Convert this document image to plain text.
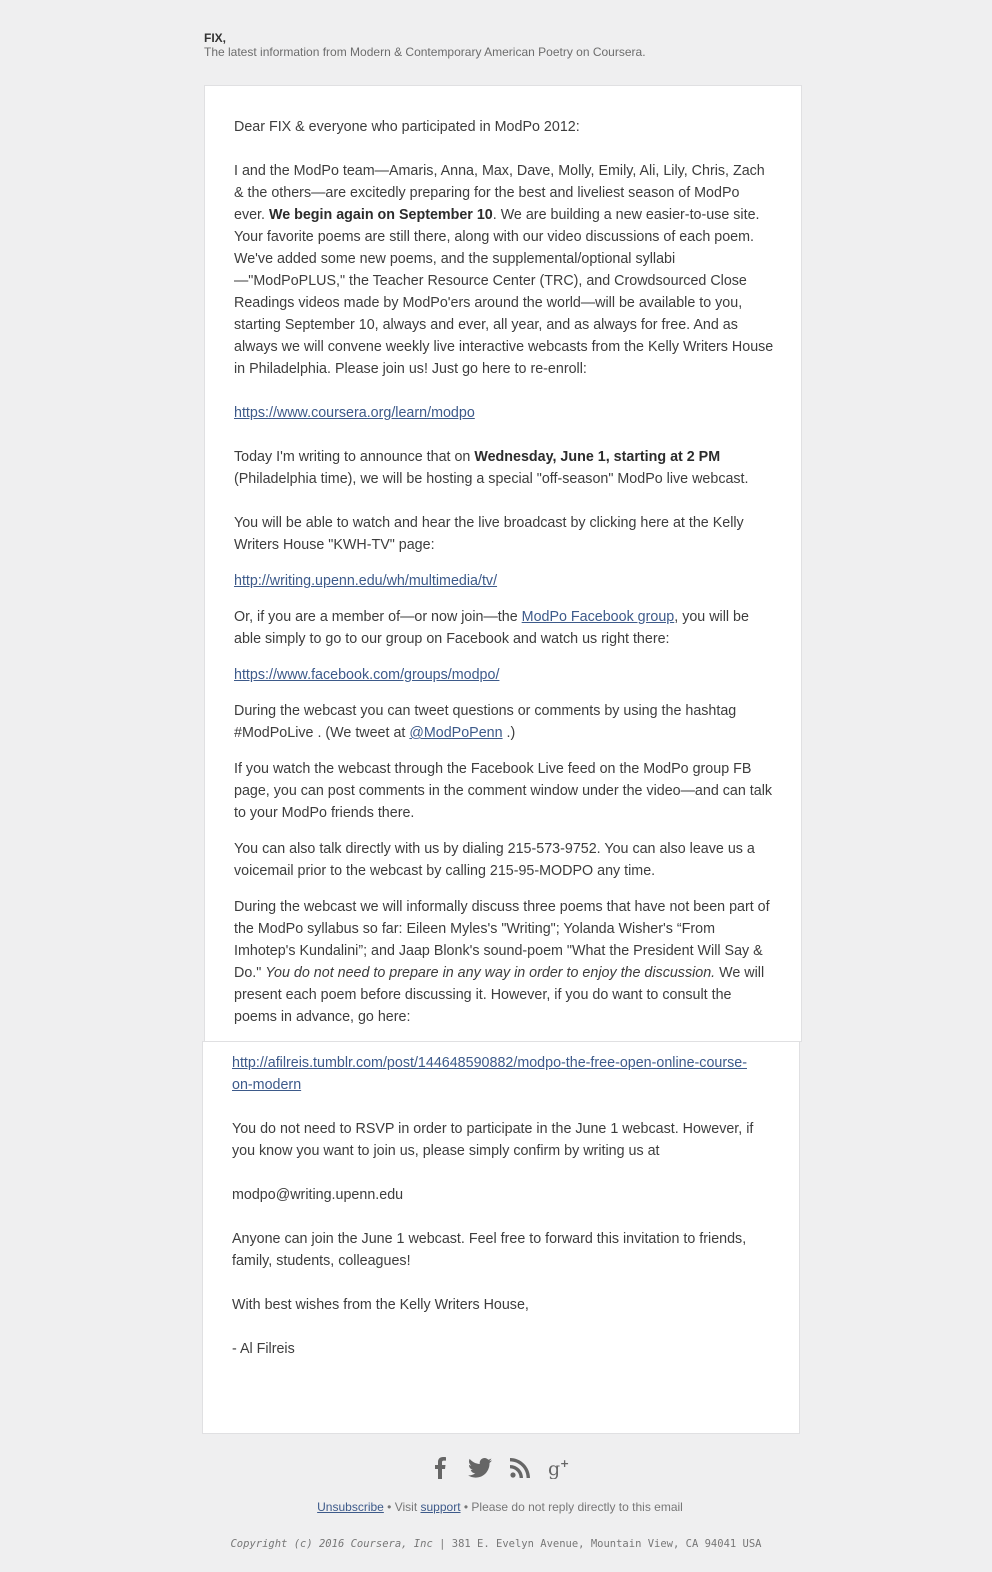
FIX,
The latest information from Modern & Contemporary American Poetry on Coursera.

Dear FIX & everyone who participated in ModPo 2012:

I and the ModPo team—Amaris, Anna, Max, Dave, Molly, Emily, Ali, Lily, Chris, Zach & the others—are excitedly preparing for the best and liveliest season of ModPo ever. We begin again on September 10. We are building a new easier-to-use site. Your favorite poems are still there, along with our video discussions of each poem. We've added some new poems, and the supplemental/optional syllabi —"ModPoPLUS," the Teacher Resource Center (TRC), and Crowdsourced Close Readings videos made by ModPo'ers around the world—will be available to you, starting September 10, always and ever, all year, and as always for free. And as always we will convene weekly live interactive webcasts from the Kelly Writers House in Philadelphia. Please join us! Just go here to re-enroll:

https://www.coursera.org/learn/modpo

Today I'm writing to announce that on Wednesday, June 1, starting at 2 PM (Philadelphia time), we will be hosting a special "off-season" ModPo live webcast.

You will be able to watch and hear the live broadcast by clicking here at the Kelly Writers House "KWH-TV" page:

http://writing.upenn.edu/wh/multimedia/tv/

Or, if you are a member of—or now join—the ModPo Facebook group, you will be able simply to go to our group on Facebook and watch us right there:

https://www.facebook.com/groups/modpo/

During the webcast you can tweet questions or comments by using the hashtag #ModPoLive . (We tweet at @ModPoPenn .)

If you watch the webcast through the Facebook Live feed on the ModPo group FB page, you can post comments in the comment window under the video—and can talk to your ModPo friends there.

You can also talk directly with us by dialing 215-573-9752. You can also leave us a voicemail prior to the webcast by calling 215-95-MODPO any time.

During the webcast we will informally discuss three poems that have not been part of the ModPo syllabus so far: Eileen Myles's "Writing"; Yolanda Wisher's “From Imhotep's Kundalini”; and Jaap Blonk's sound-poem "What the President Will Say & Do." You do not need to prepare in any way in order to enjoy the discussion. We will present each poem before discussing it. However, if you do want to consult the poems in advance, go here:

http://afilreis.tumblr.com/post/144648590882/modpo-the-free-open-online-course-on-modern

You do not need to RSVP in order to participate in the June 1 webcast. However, if you know you want to join us, please simply confirm by writing us at

modpo@writing.upenn.edu

Anyone can join the June 1 webcast. Feel free to forward this invitation to friends, family, students, colleagues!

With best wishes from the Kelly Writers House,

- Al Filreis

g +
Unsubscribe • Visit support • Please do not reply directly to this email
Copyright (c) 2016 Coursera, Inc | 381 E. Evelyn Avenue, Mountain View, CA 94041 USA
